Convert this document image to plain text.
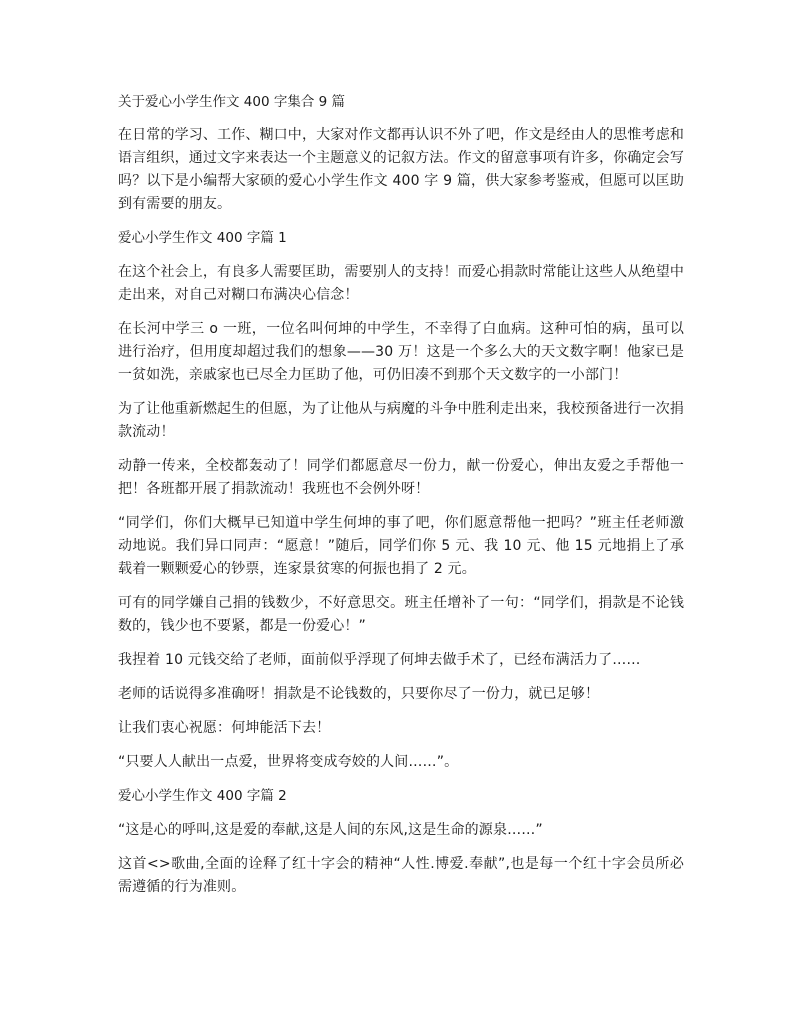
关于爱心小学生作文 400 字集合 9 篇

在日常的学习、工作、糊口中，大家对作文都再认识不外了吧，作文是经由人的思惟考虑和语言组织，通过文字来表达一个主题意义的记叙方法。作文的留意事项有许多，你确定会写吗？以下是小编帮大家硕的爱心小学生作文 400 字 9 篇，供大家参考鉴戒，但愿可以匡助到有需要的朋友。

爱心小学生作文 400 字篇 1

在这个社会上，有良多人需要匡助，需要别人的支持！而爱心捐款时常能让这些人从绝望中走出来，对自己对糊口布满决心信念！

在长河中学三 o 一班，一位名叫何坤的中学生，不幸得了白血病。这种可怕的病，虽可以进行治疗，但用度却超过我们的想象——30 万！这是一个多么大的天文数字啊！他家已是一贫如洗，亲戚家也已尽全力匡助了他，可仍旧凑不到那个天文数字的一小部门！

为了让他重新燃起生的但愿，为了让他从与病魔的斗争中胜利走出来，我校预备进行一次捐款流动！

动静一传来，全校都轰动了！同学们都愿意尽一份力，献一份爱心，伸出友爱之手帮他一把！各班都开展了捐款流动！我班也不会例外呀！

“同学们，你们大概早已知道中学生何坤的事了吧，你们愿意帮他一把吗？”班主任老师激动地说。我们异口同声：“愿意！”随后，同学们你 5 元、我 10 元、他 15 元地捐上了承载着一颗颗爱心的钞票，连家景贫寒的何振也捐了 2 元。

可有的同学嫌自己捐的钱数少，不好意思交。班主任增补了一句：“同学们，捐款是不论钱数的，钱少也不要紧，都是一份爱心！”

我捏着 10 元钱交给了老师，面前似乎浮现了何坤去做手术了，已经布满活力了……

老师的话说得多准确呀！捐款是不论钱数的，只要你尽了一份力，就已足够！

让我们衷心祝愿：何坤能活下去！

“只要人人献出一点爱，世界将变成夸姣的人间……”。

爱心小学生作文 400 字篇 2

“这是心的呼叫,这是爱的奉献,这是人间的东风,这是生命的源泉……”

这首<>歌曲,全面的诠释了红十字会的精神“人性.博爱.奉献”,也是每一个红十字会员所必需遵循的行为准则。
